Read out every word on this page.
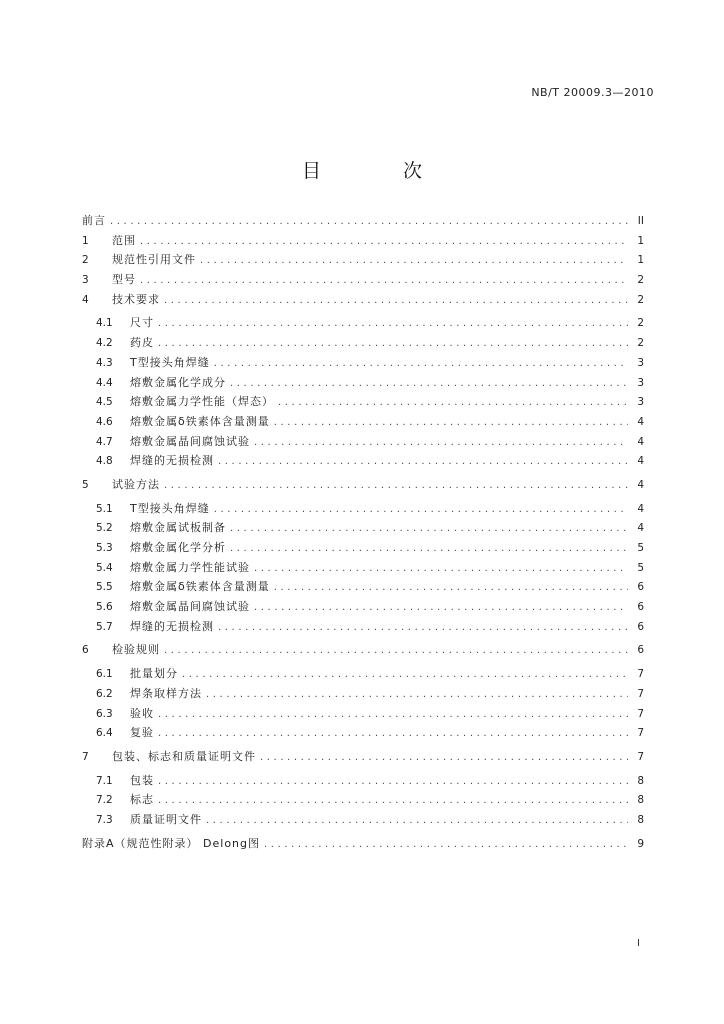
NB/T 20009.3—2010
目 次
前言 .....	II
1	范围 .....	1
2	规范性引用文件 .....	1
3	型号 .....	2
4	技术要求 .....	2
4.1	尺寸 .....	2
4.2	药皮 .....	2
4.3	T型接头角焊缝 .....	3
4.4	熔敷金属化学成分 .....	3
4.5	熔敷金属力学性能（焊态） .....	3
4.6	熔敷金属δ铁素体含量测量 .....	4
4.7	熔敷金属晶间腐蚀试验 .....	4
4.8	焊缝的无损检测 .....	4
5	试验方法 .....	4
5.1	T型接头角焊缝 .....	4
5.2	熔敷金属试板制备 .....	4
5.3	熔敷金属化学分析 .....	5
5.4	熔敷金属力学性能试验 .....	5
5.5	熔敷金属δ铁素体含量测量 .....	6
5.6	熔敷金属晶间腐蚀试验 .....	6
5.7	焊缝的无损检测 .....	6
6	检验规则 .....	6
6.1	批量划分 .....	7
6.2	焊条取样方法 .....	7
6.3	验收 .....	7
6.4	复验 .....	7
7	包装、标志和质量证明文件 .....	7
7.1	包装 .....	8
7.2	标志 .....	8
7.3	质量证明文件 .....	8
附录A（规范性附录） Delong图 .....	9
I
